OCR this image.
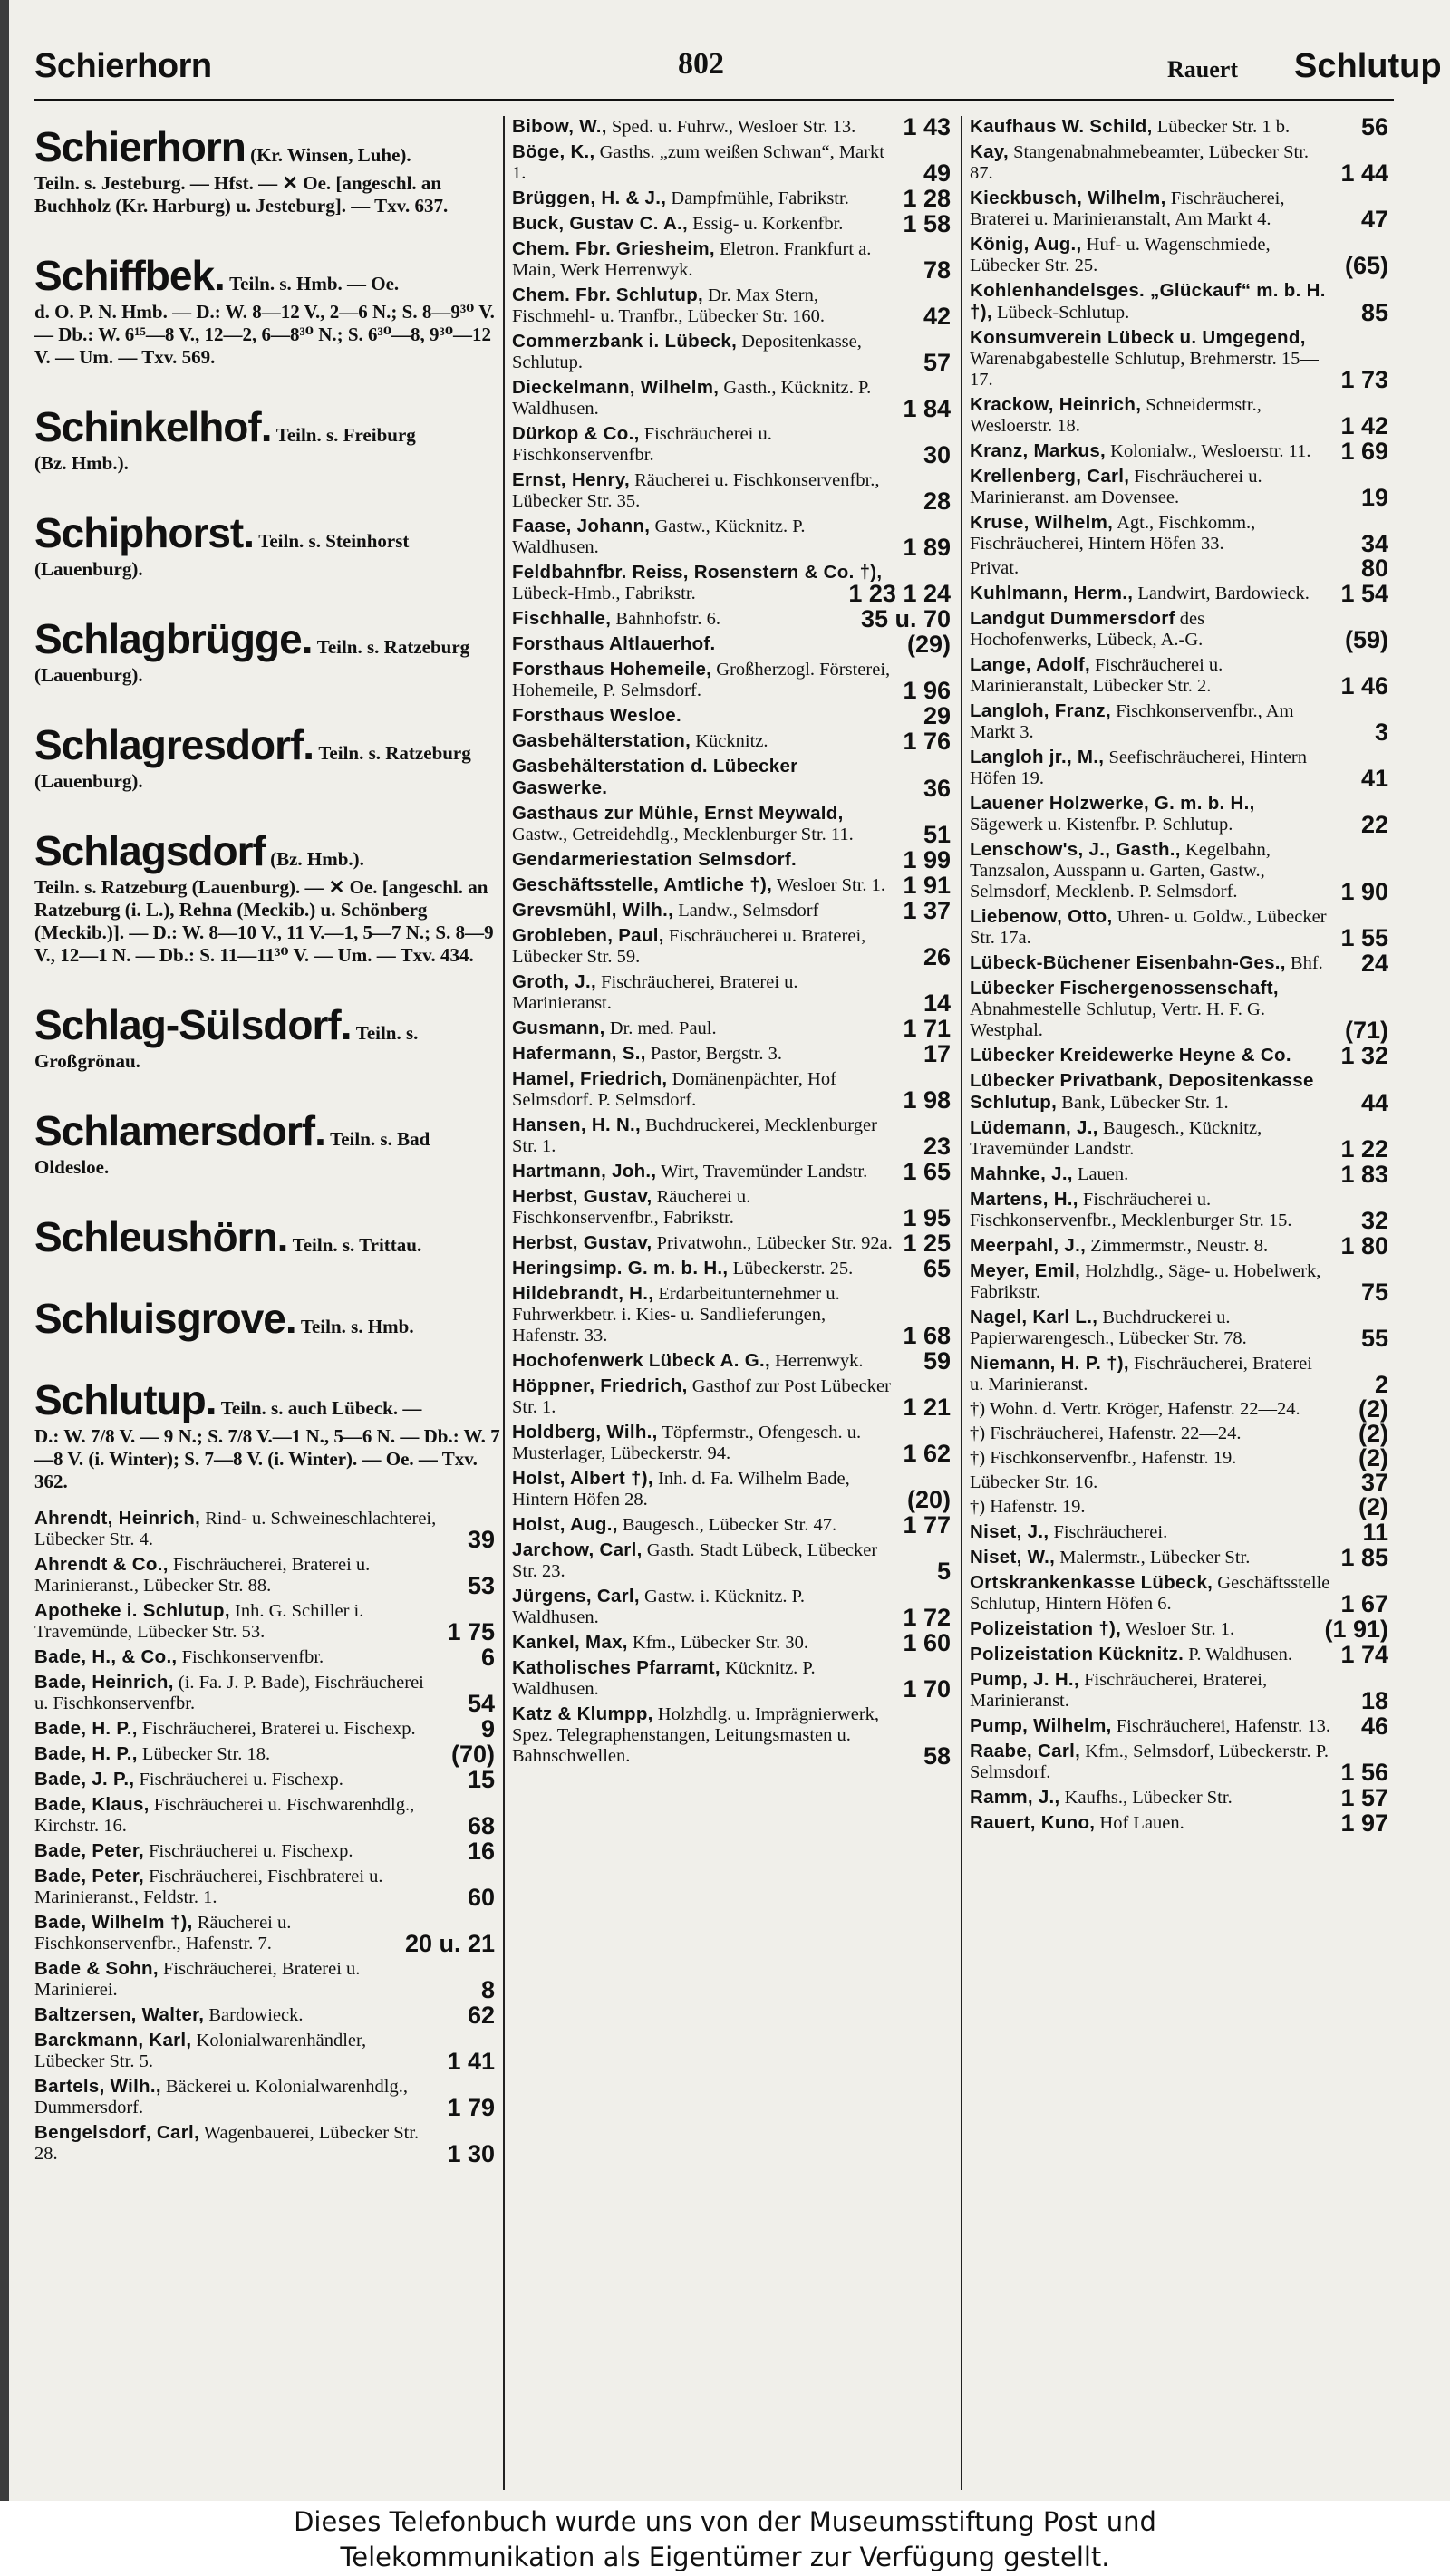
Schierhorn	802	Rauert Schlutup
Schierhorn (Kr. Winsen, Luhe).
Teiln. s. Jesteburg. — Hfst. — ✕ Oe. [angeschl. an Buchholz (Kr. Harburg) u. Jesteburg]. — Txv. 637.
Schiffbek. Teiln. s. Hmb. — Oe.
d. O. P. N. Hmb. — D.: W. 8—12 V., 2—6 N.; S. 8—9³⁰ V. — Db.: W. 6¹⁵—8 V., 12—2, 6—8³⁰ N.; S. 6³⁰—8, 9³⁰—12 V. — Um. — Txv. 569.
Schinkelhof. Teiln. s. Freiburg
(Bz. Hmb.).
Schiphorst. Teiln. s. Steinhorst
(Lauenburg).
Schlagbrügge. Teiln. s. Ratzeburg
(Lauenburg).
Schlagresdorf. Teiln. s. Ratzeburg
(Lauenburg).
Schlagsdorf (Bz. Hmb.).
Teiln. s. Ratzeburg (Lauenburg). — ✕ Oe. [angeschl. an Ratzeburg (i. L.), Rehna (Meckib.) u. Schönberg (Meckib.)]. — D.: W. 8—10 V., 11 V.—1, 5—7 N.; S. 8—9 V., 12—1 N. — Db.: S. 11—11³⁰ V. — Um. — Txv. 434.
Schlag-Sülsdorf. Teiln. s.
Großgrönau.
Schlamersdorf. Teiln. s. Bad
Oldesloe.
Schleushörn. Teiln. s. Trittau.
Schluisgrove. Teiln. s. Hmb.
Schlutup. Teiln. s. auch Lübeck. —
D.: W. 7/8 V. — 9 N.; S. 7/8 V.—1 N., 5—6 N. — Db.: W. 7—8 V. (i. Winter); S. 7—8 V. (i. Winter). — Oe. — Txv. 362.
Ahrendt, Heinrich, Rind- u. Schweineschlachterei, Lübecker Str. 4.	39
Ahrendt & Co., Fischräucherei, Braterei u. Marinieranst., Lübecker Str. 88.	53
Apotheke i. Schlutup, Inh. G. Schiller i. Travemünde, Lübecker Str. 53.	1 75
Bade, H., & Co., Fischkonservenfbr.	6
Bade, Heinrich, (i. Fa. J. P. Bade), Fischräucherei u. Fischkonservenfbr.	54
Bade, H. P., Fischräucherei, Braterei u. Fischexp.	9
Bade, H. P., Lübecker Str. 18.	(70)
Bade, J. P., Fischräucherei u. Fischexp.	15
Bade, Klaus, Fischräucherei u. Fischwarenhdlg., Kirchstr. 16.	68
Bade, Peter, Fischräucherei u. Fischexp.	16
Bade, Peter, Fischräucherei, Fischbraterei u. Marinieranst., Feldstr. 1.	60
Bade, Wilhelm †), Räucherei u. Fischkonservenfbr., Hafenstr. 7.	20 u. 21
Bade & Sohn, Fischräucherei, Braterei u. Marinierei.	8
Baltzersen, Walter, Bardowieck.	62
Barckmann, Karl, Kolonialwarenhändler, Lübecker Str. 5.	1 41
Bartels, Wilh., Bäckerei u. Kolonialwarenhdlg., Dummersdorf.	1 79
Bengelsdorf, Carl, Wagenbauerei, Lübecker Str. 28.	1 30
Bibow, W., Sped. u. Fuhrw., Wesloer Str. 13. 1 43
Böge, K., Gasths. „zum weißen Schwan“, Markt 1.	49
Brüggen, H. & J., Dampfmühle, Fabrikstr. 1 28
Buck, Gustav C. A., Essig- u. Korkenfbr. 1 58
Chem. Fbr. Griesheim, Eletron. Frankfurt a. Main, Werk Herrenwyk.	78
Chem. Fbr. Schlutup, Dr. Max Stern, Fischmehl- u. Tranfbr., Lübecker Str. 160.	42
Commerzbank i. Lübeck, Depositenkasse, Schlutup.	57
Dieckelmann, Wilhelm, Gasth., Kücknitz. P. Waldhusen.	1 84
Dürkop & Co., Fischräucherei u. Fischkonservenfbr.	30
Ernst, Henry, Räucherei u. Fischkonservenfbr., Lübecker Str. 35.	28
Faase, Johann, Gastw., Kücknitz. P. Waldhusen.	1 89
Feldbahnfbr. Reiss, Rosenstern & Co. †), Lübeck-Hmb., Fabrikstr.	1 23 1 24
Fischhalle, Bahnhofstr. 6.	35 u. 70
Forsthaus Altlauerhof.	(29)
Forsthaus Hohemeile, Großherzogl. Försterei, Hohemeile, P. Selmsdorf.	1 96
Forsthaus Wesloe.	29
Gasbehälterstation, Kücknitz.	1 76
Gasbehälterstation d. Lübecker Gaswerke.	36
Gasthaus zur Mühle, Ernst Meywald, Gastw., Getreidehdlg., Mecklenburger Str. 11.	51
Gendarmeriestation Selmsdorf.	1 99
Geschäftsstelle, Amtliche †), Wesloer Str. 1. 1 91
Grevsmühl, Wilh., Landw., Selmsdorf	1 37
Grobleben, Paul, Fischräucherei u. Braterei, Lübecker Str. 59.	26
Groth, J., Fischräucherei, Braterei u. Marinieranst.	14
Gusmann, Dr. med. Paul.	1 71
Hafermann, S., Pastor, Bergstr. 3.	17
Hamel, Friedrich, Domänenpächter, Hof Selmsdorf. P. Selmsdorf.	1 98
Hansen, H. N., Buchdruckerei, Mecklenburger Str. 1.	23
Hartmann, Joh., Wirt, Travemünder Landstr. 1 65
Herbst, Gustav, Räucherei u. Fischkonservenfbr., Fabrikstr.	1 95
Herbst, Gustav, Privatwohn., Lübecker Str. 92a. 1 25
Heringsimp. G. m. b. H., Lübeckerstr. 25.	65
Hildebrandt, H., Erdarbeitunternehmer u. Fuhrwerkbetr. i. Kies- u. Sandlieferungen, Hafenstr. 33.	1 68
Hochofenwerk Lübeck A. G., Herrenwyk. 59
Höppner, Friedrich, Gasthof zur Post Lübecker Str. 1.	1 21
Holdberg, Wilh., Töpfermstr., Ofengesch. u. Musterlager, Lübeckerstr. 94.	1 62
Holst, Albert †), Inh. d. Fa. Wilhelm Bade, Hintern Höfen 28.	(20)
Holst, Aug., Baugesch., Lübecker Str. 47.	1 77
Jarchow, Carl, Gasth. Stadt Lübeck, Lübecker Str. 23.	5
Jürgens, Carl, Gastw. i. Kücknitz. P. Waldhusen.	1 72
Kankel, Max, Kfm., Lübecker Str. 30.	1 60
Katholisches Pfarramt, Kücknitz. P. Waldhusen.	1 70
Katz & Klumpp, Holzhdlg. u. Imprägnierwerk, Spez. Telegraphenstangen, Leitungsmasten u. Bahnschwellen.	58
Kaufhaus W. Schild, Lübecker Str. 1 b.	56
Kay, Stangenabnahmebeamter, Lübecker Str. 87.	1 44
Kieckbusch, Wilhelm, Fischräucherei, Braterei u. Marinieranstalt, Am Markt 4.	47
König, Aug., Huf- u. Wagenschmiede, Lübecker Str. 25.	(65)
Kohlenhandelsges. „Glückauf“ m. b. H. †), Lübeck-Schlutup.	85
Konsumverein Lübeck u. Umgegend, Warenabgabestelle Schlutup, Brehmerstr. 15—17.	1 73
Krackow, Heinrich, Schneidermstr., Wesloerstr. 18.	1 42
Kranz, Markus, Kolonialw., Wesloerstr. 11. 1 69
Krellenberg, Carl, Fischräucherei u. Marinieranst. am Dovensee.	19
Kruse, Wilhelm, Agt., Fischkomm., Fischräucherei, Hintern Höfen 33.	34
Privat.	80
Kuhlmann, Herm., Landwirt, Bardowieck. 1 54
Landgut Dummersdorf des Hochofenwerks, Lübeck, A.-G.	(59)
Lange, Adolf, Fischräucherei u. Marinieranstalt, Lübecker Str. 2.	1 46
Langloh, Franz, Fischkonservenfbr., Am Markt 3.	3
Langloh jr., M., Seefischräucherei, Hintern Höfen 19.	41
Lauener Holzwerke, G. m. b. H., Sägewerk u. Kistenfbr. P. Schlutup.	22
Lenschow's, J., Gasth., Kegelbahn, Tanzsalon, Ausspann u. Garten, Gastw., Selmsdorf, Mecklenb. P. Selmsdorf.	1 90
Liebenow, Otto, Uhren- u. Goldw., Lübecker Str. 17a.	1 55
Lübeck-Büchener Eisenbahn-Ges., Bhf. 24
Lübecker Fischergenossenschaft, Abnahmestelle Schlutup, Vertr. H. F. G. Westphal.	(71)
Lübecker Kreidewerke Heyne & Co. 1 32
Lübecker Privatbank, Depositenkasse Schlutup, Bank, Lübecker Str. 1.	44
Lüdemann, J., Baugesch., Kücknitz, Travemünder Landstr.	1 22
Mahnke, J., Lauen.	1 83
Martens, H., Fischräucherei u. Fischkonservenfbr., Mecklenburger Str. 15.	32
Meerpahl, J., Zimmermstr., Neustr. 8.	1 80
Meyer, Emil, Holzhdlg., Säge- u. Hobelwerk, Fabrikstr.	75
Nagel, Karl L., Buchdruckerei u. Papierwarengesch., Lübecker Str. 78.	55
Niemann, H. P. †), Fischräucherei, Braterei u. Marinieranst.	2
†) Wohn. d. Vertr. Kröger, Hafenstr. 22—24. (2)
†) Fischräucherei, Hafenstr. 22—24.	(2)
†) Fischkonservenfbr., Hafenstr. 19.	(2)
Lübecker Str. 16.	37
†) Hafenstr. 19.	(2)
Niset, J., Fischräucherei.	11
Niset, W., Malermstr., Lübecker Str.	1 85
Ortskrankenkasse Lübeck, Geschäftsstelle Schlutup, Hintern Höfen 6.	1 67
Polizeistation †), Wesloer Str. 1.	(1 91)
Polizeistation Kücknitz. P. Waldhusen. 1 74
Pump, J. H., Fischräucherei, Braterei, Marinieranst.	18
Pump, Wilhelm, Fischräucherei, Hafenstr. 13. 46
Raabe, Carl, Kfm., Selmsdorf, Lübeckerstr. P. Selmsdorf.	1 56
Ramm, J., Kaufhs., Lübecker Str.	1 57
Rauert, Kuno, Hof Lauen.	1 97
Dieses Telefonbuch wurde uns von der Museumsstiftung Post und
Telekommunikation als Eigentümer zur Verfügung gestellt.
